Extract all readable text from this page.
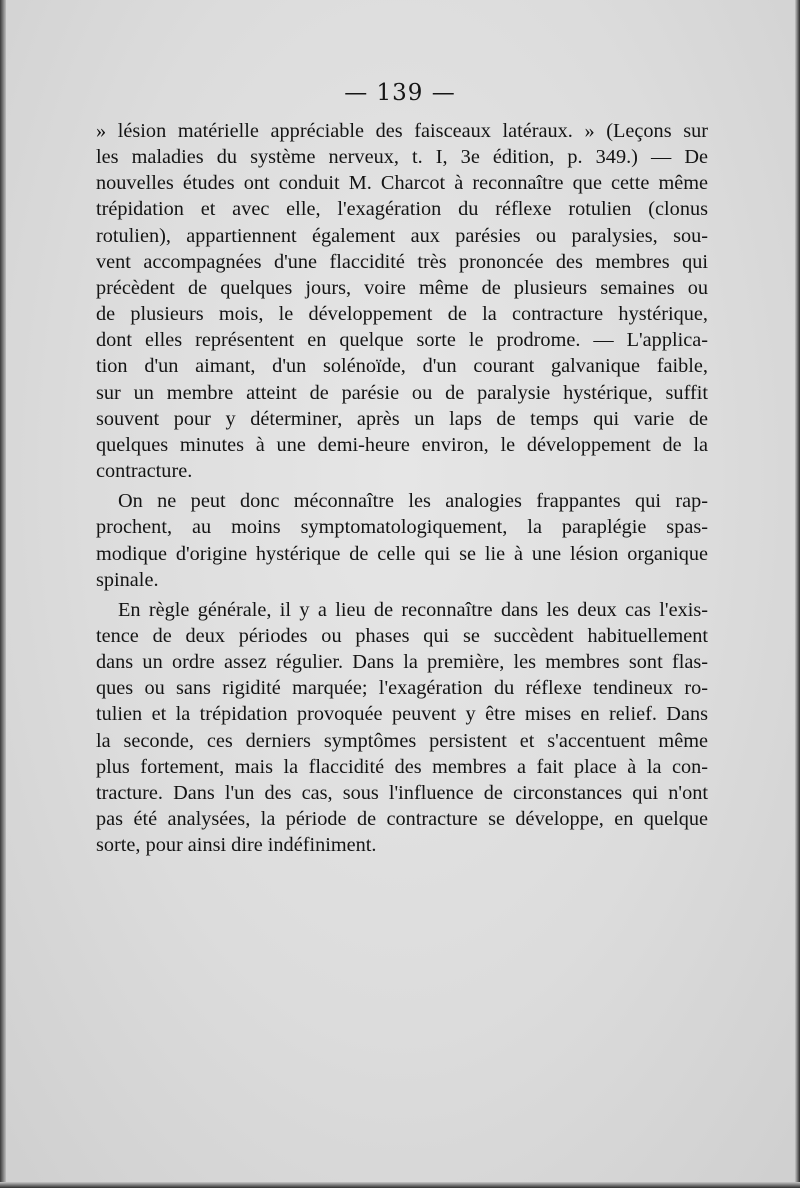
— 139 —
» lésion matérielle appréciable des faisceaux latéraux. » (Leçons sur
les maladies du système nerveux, t. I, 3e édition, p. 349.) — De
nouvelles études ont conduit M. Charcot à reconnaître que cette même
trépidation et avec elle, l'exagération du réflexe rotulien (clonus
rotulien), appartiennent également aux parésies ou paralysies, sou-
vent accompagnées d'une flaccidité très prononcée des membres qui
précèdent de quelques jours, voire même de plusieurs semaines ou
de plusieurs mois, le développement de la contracture hystérique,
dont elles représentent en quelque sorte le prodrome. — L'applica-
tion d'un aimant, d'un solénoïde, d'un courant galvanique faible,
sur un membre atteint de parésie ou de paralysie hystérique, suffit
souvent pour y déterminer, après un laps de temps qui varie de
quelques minutes à une demi-heure environ, le développement de la
contracture.
On ne peut donc méconnaître les analogies frappantes qui rap-
prochent, au moins symptomatologiquement, la paraplégie spas-
modique d'origine hystérique de celle qui se lie à une lésion organique
spinale.
En règle générale, il y a lieu de reconnaître dans les deux cas l'exis-
tence de deux périodes ou phases qui se succèdent habituellement
dans un ordre assez régulier. Dans la première, les membres sont flas-
ques ou sans rigidité marquée; l'exagération du réflexe tendineux ro-
tulien et la trépidation provoquée peuvent y être mises en relief. Dans
la seconde, ces derniers symptômes persistent et s'accentuent même
plus fortement, mais la flaccidité des membres a fait place à la con-
tracture. Dans l'un des cas, sous l'influence de circonstances qui n'ont
pas été analysées, la période de contracture se développe, en quelque
sorte, pour ainsi dire indéfiniment.
